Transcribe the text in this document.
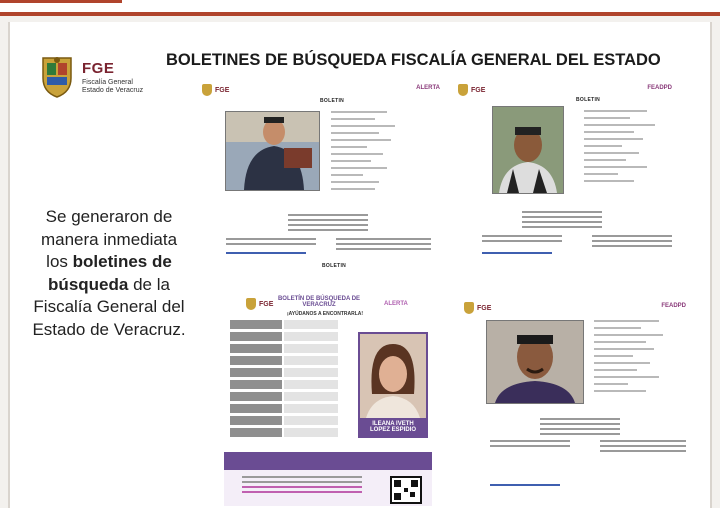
FGE
Fiscalía General
Estado de Veracruz
BOLETINES DE BÚSQUEDA FISCALÍA GENERAL DEL ESTADO
Se generaron de manera inmediata los boletines de búsqueda de la Fiscalía General del Estado de Veracruz.
FGE	ALERTA
BOLETIN
FGE	FEADPD
BOLETIN
BOLETIN
FGE
BOLETÍN DE BÚSQUEDA DE VERACRUZ
¡AYÚDANOS A ENCONTRARLA!
ALERTA
ILEANA IVETH
LOPEZ ESPIDIO
FGE	FEADPD
